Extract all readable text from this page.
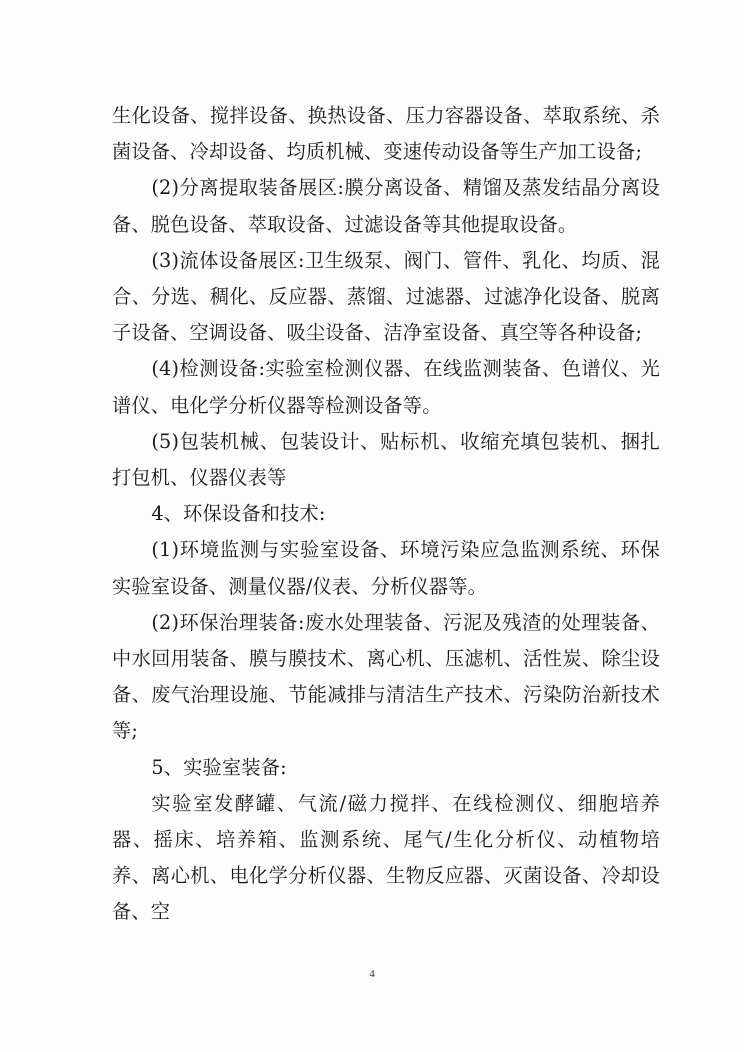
生化设备、搅拌设备、换热设备、压力容器设备、萃取系统、杀菌设备、冷却设备、均质机械、变速传动设备等生产加工设备;

(2)分离提取装备展区:膜分离设备、精馏及蒸发结晶分离设备、脱色设备、萃取设备、过滤设备等其他提取设备。

(3)流体设备展区:卫生级泵、阀门、管件、乳化、均质、混合、分选、稠化、反应器、蒸馏、过滤器、过滤净化设备、脱离子设备、空调设备、吸尘设备、洁净室设备、真空等各种设备;

(4)检测设备:实验室检测仪器、在线监测装备、色谱仪、光谱仪、电化学分析仪器等检测设备等。

(5)包装机械、包装设计、贴标机、收缩充填包装机、捆扎打包机、仪器仪表等

4、环保设备和技术:

(1)环境监测与实验室设备、环境污染应急监测系统、环保实验室设备、测量仪器/仪表、分析仪器等。

(2)环保治理装备:废水处理装备、污泥及残渣的处理装备、中水回用装备、膜与膜技术、离心机、压滤机、活性炭、除尘设备、废气治理设施、节能减排与清洁生产技术、污染防治新技术等;

5、实验室装备:

实验室发酵罐、气流/磁力搅拌、在线检测仪、细胞培养器、摇床、培养箱、监测系统、尾气/生化分析仪、动植物培养、离心机、电化学分析仪器、生物反应器、灭菌设备、冷却设备、空

4
